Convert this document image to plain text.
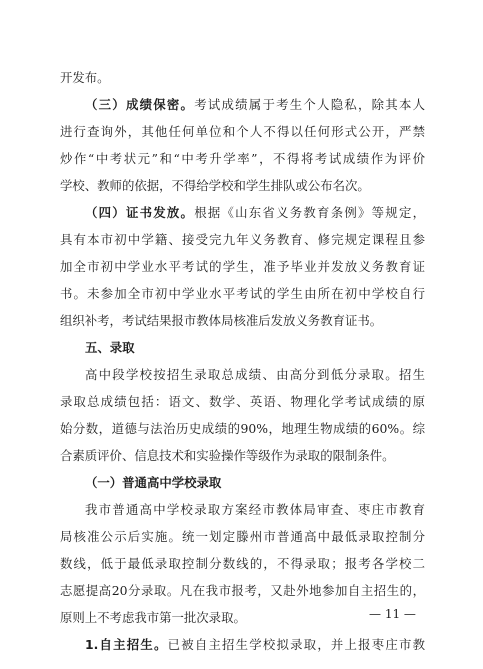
开发布。
（三）成绩保密。考试成绩属于考生个人隐私，除其本人
进行查询外，其他任何单位和个人不得以任何形式公开，严禁
炒作“中考状元”和“中考升学率”，不得将考试成绩作为评价
学校、教师的依据，不得给学校和学生排队或公布名次。
（四）证书发放。根据《山东省义务教育条例》等规定，
具有本市初中学籍、接受完九年义务教育、修完规定课程且参
加全市初中学业水平考试的学生，准予毕业并发放义务教育证
书。未参加全市初中学业水平考试的学生由所在初中学校自行
组织补考，考试结果报市教体局核准后发放义务教育证书。
五、录取
高中段学校按招生录取总成绩、由高分到低分录取。招生
录取总成绩包括：语文、数学、英语、物理化学考试成绩的原
始分数，道德与法治历史成绩的90%，地理生物成绩的60%。综
合素质评价、信息技术和实验操作等级作为录取的限制条件。
（一）普通高中学校录取
我市普通高中学校录取方案经市教体局审查、枣庄市教育
局核准公示后实施。统一划定滕州市普通高中最低录取控制分
数线，低于最低录取控制分数线的，不得录取；报考各学校二
志愿提高20分录取。凡在我市报考，又赴外地参加自主招生的，
原则上不考虑我市第一批次录取。
1.自主招生。已被自主招生学校拟录取，并上报枣庄市教
— 11 —
